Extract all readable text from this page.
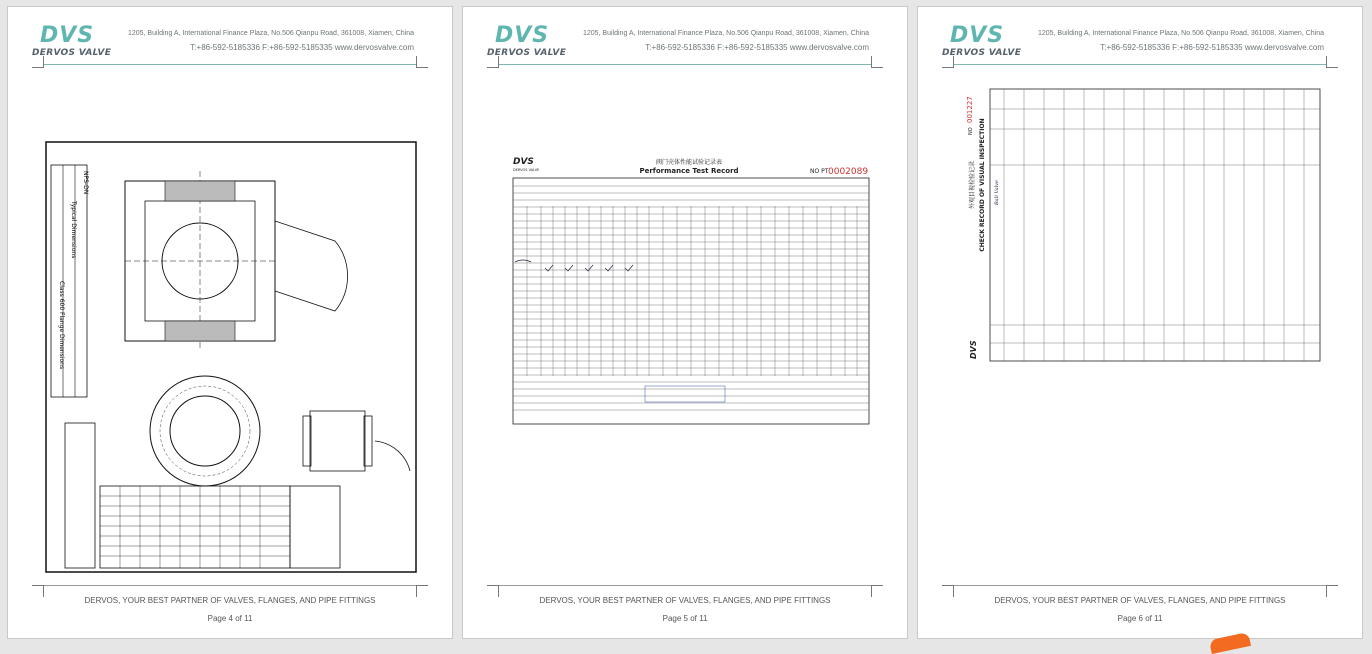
DVS
DERVOS VALVE
1205, Building A, International Finance Plaza, No.506 Qianpu Road, 361008, Xiamen, China
T:+86-592-5185336 F:+86-592-5185335 www.dervosvalve.com
Class 600 Flange Dimensions
Typical Dimensions
NPS-DN
DERVOS, YOUR BEST PARTNER OF VALVES, FLANGES, AND PIPE FITTINGS
Page 4 of 11
DVS
DERVOS VALVE
1205, Building A, International Finance Plaza, No.506 Qianpu Road, 361008, Xiamen, China
T:+86-592-5185336 F:+86-592-5185335 www.dervosvalve.com
DVS
DERVOS VALVE
阀门壳体性能试验记录表
Performance Test Record	NO PT 0002089
DERVOS, YOUR BEST PARTNER OF VALVES, FLANGES, AND PIPE FITTINGS
Page 5 of 11
DVS
DERVOS VALVE
1205, Building A, International Finance Plaza, No.506 Qianpu Road, 361008, Xiamen, China
T:+86-592-5185336 F:+86-592-5185335 www.dervosvalve.com
外观目视检验记录 CHECK RECORD OF VISUAL INSPECTION
DVS
NO
001227
Ball Valve
DERVOS, YOUR BEST PARTNER OF VALVES, FLANGES, AND PIPE FITTINGS
Page 6 of 11
